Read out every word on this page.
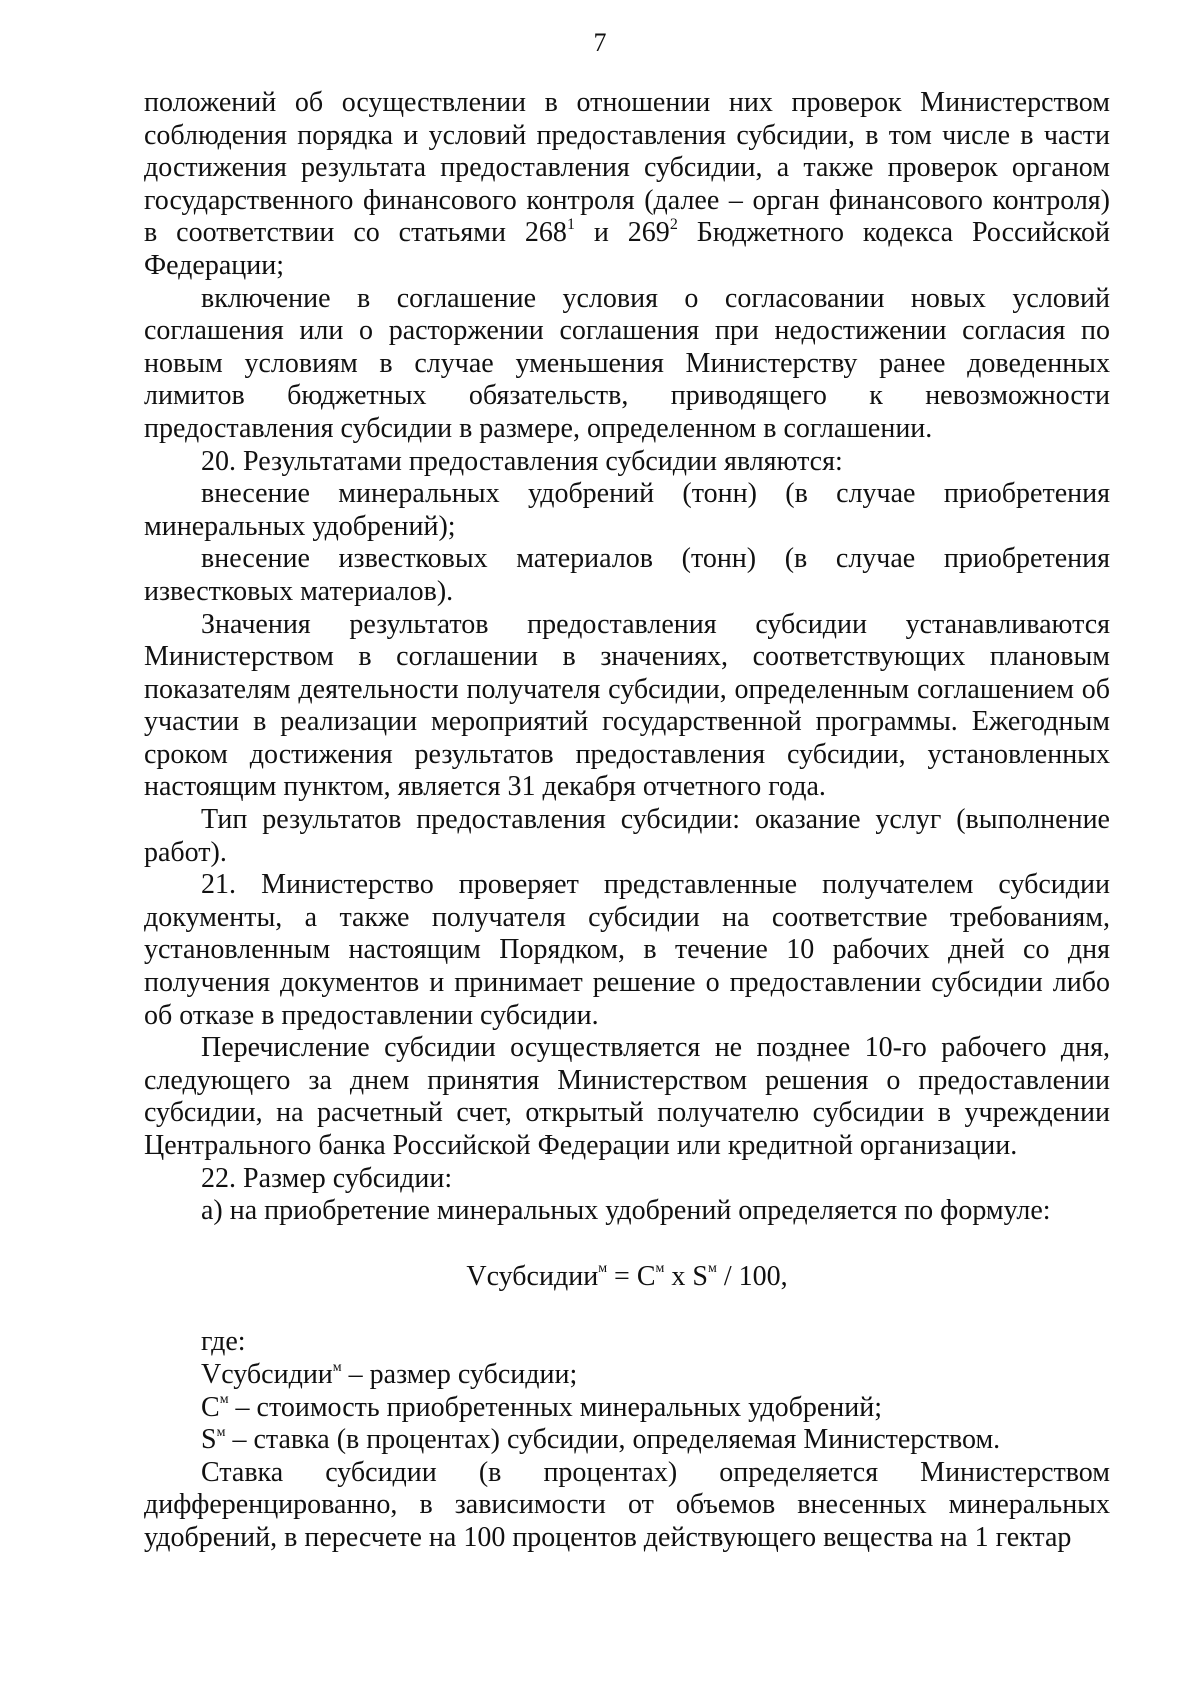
7

положений об осуществлении в отношении них проверок Министерством соблюдения порядка и условий предоставления субсидии, в том числе в части достижения результата предоставления субсидии, а также проверок органом государственного финансового контроля (далее – орган финансового контроля) в соответствии со статьями $268^1$ и $269^2$ Бюджетного кодекса Российской Федерации;

включение в соглашение условия о согласовании новых условий соглашения или о расторжении соглашения при недостижении согласия по новым условиям в случае уменьшения Министерству ранее доведенных лимитов бюджетных обязательств, приводящего к невозможности предоставления субсидии в размере, определенном в соглашении.

20. Результатами предоставления субсидии являются:

внесение минеральных удобрений (тонн) (в случае приобретения минеральных удобрений);

внесение известковых материалов (тонн) (в случае приобретения известковых материалов).

Значения результатов предоставления субсидии устанавливаются Министерством в соглашении в значениях, соответствующих плановым показателям деятельности получателя субсидии, определенным соглашением об участии в реализации мероприятий государственной программы. Ежегодным сроком достижения результатов предоставления субсидии, установленных настоящим пунктом, является 31 декабря отчетного года.

Тип результатов предоставления субсидии: оказание услуг (выполнение работ).

21. Министерство проверяет представленные получателем субсидии документы, а также получателя субсидии на соответствие требованиям, установленным настоящим Порядком, в течение 10 рабочих дней со дня получения документов и принимает решение о предоставлении субсидии либо об отказе в предоставлении субсидии.

Перечисление субсидии осуществляется не позднее 10-го рабочего дня, следующего за днем принятия Министерством решения о предоставлении субсидии, на расчетный счет, открытый получателю субсидии в учреждении Центрального банка Российской Федерации или кредитной организации.

22. Размер субсидии:

а) на приобретение минеральных удобрений определяется по формуле:

Vсубсидии$^м$ = $С^м$ x $S^м / 100$,

где:

Vсубсидии$^м$ – размер субсидии;

$С^м$ – стоимость приобретенных минеральных удобрений;

$S^м$ – ставка (в процентах) субсидии, определяемая Министерством.

Ставка субсидии (в процентах) определяется Министерством дифференцированно, в зависимости от объемов внесенных минеральных удобрений, в пересчете на 100 процентов действующего вещества на 1 гектар
